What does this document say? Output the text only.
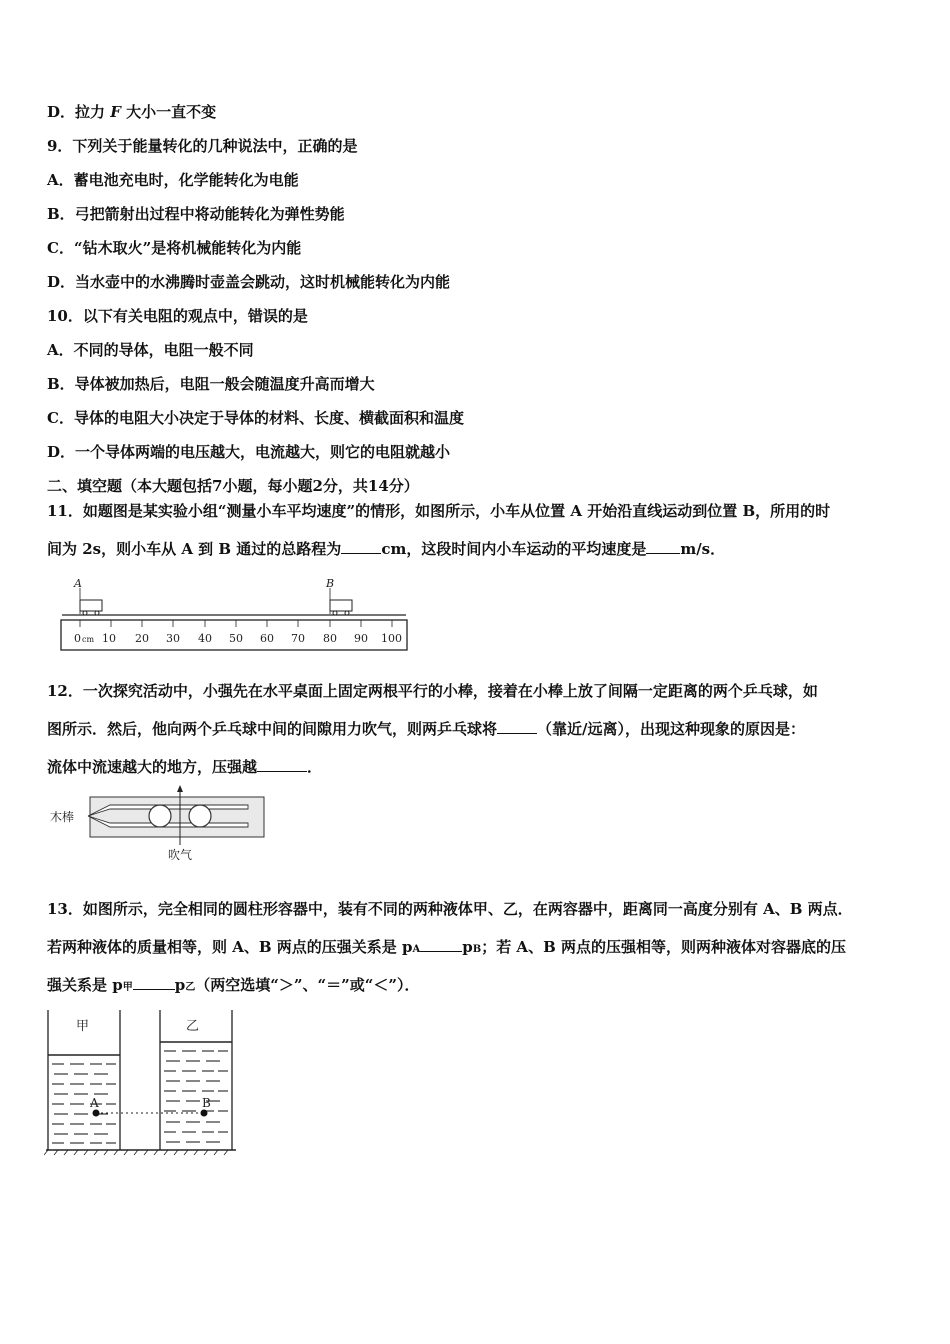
D．拉力 F 大小一直不变
9．下列关于能量转化的几种说法中，正确的是
A．蓄电池充电时，化学能转化为电能
B．弓把箭射出过程中将动能转化为弹性势能
C．“钻木取火”是将机械能转化为内能
D．当水壶中的水沸腾时壶盖会跳动，这时机械能转化为内能
10．以下有关电阻的观点中，错误的是
A．不同的导体，电阻一般不同
B．导体被加热后，电阻一般会随温度升高而增大
C．导体的电阻大小决定于导体的材料、长度、横截面积和温度
D．一个导体两端的电压越大，电流越大，则它的电阻就越小
二、填空题（本大题包括7小题，每小题2分，共14分）
11．如题图是某实验小组“测量小车平均速度”的情形，如图所示，小车从位置 A 开始沿直线运动到位置 B，所用的时
间为 2s，则小车从 A 到 B 通过的总路程为	cm，这段时间内小车运动的平均速度是 m/s．
0 cm 10 20 30 40 50 60 70 80 90 100
A	B
12．一次探究活动中，小强先在水平桌面上固定两根平行的小棒，接着在小棒上放了间隔一定距离的两个乒乓球，如
图所示．然后，他向两个乒乓球中间的间隙用力吹气，则两乒乓球将	（靠近/远离），出现这种现象的原因是：
流体中流速越大的地方，压强越	．
木棒
吹气
13．如图所示，完全相同的圆柱形容器中，装有不同的两种液体甲、乙，在两容器中，距离同一高度分别有 A、B 两点．
若两种液体的质量相等，则 A、B 两点的压强关系是 pA	pB；若 A、B 两点的压强相等，则两种液体对容器底的压
强关系是 p甲	p乙（两空选填“＞”、“＝”或“＜”）．
A	B
甲	乙
